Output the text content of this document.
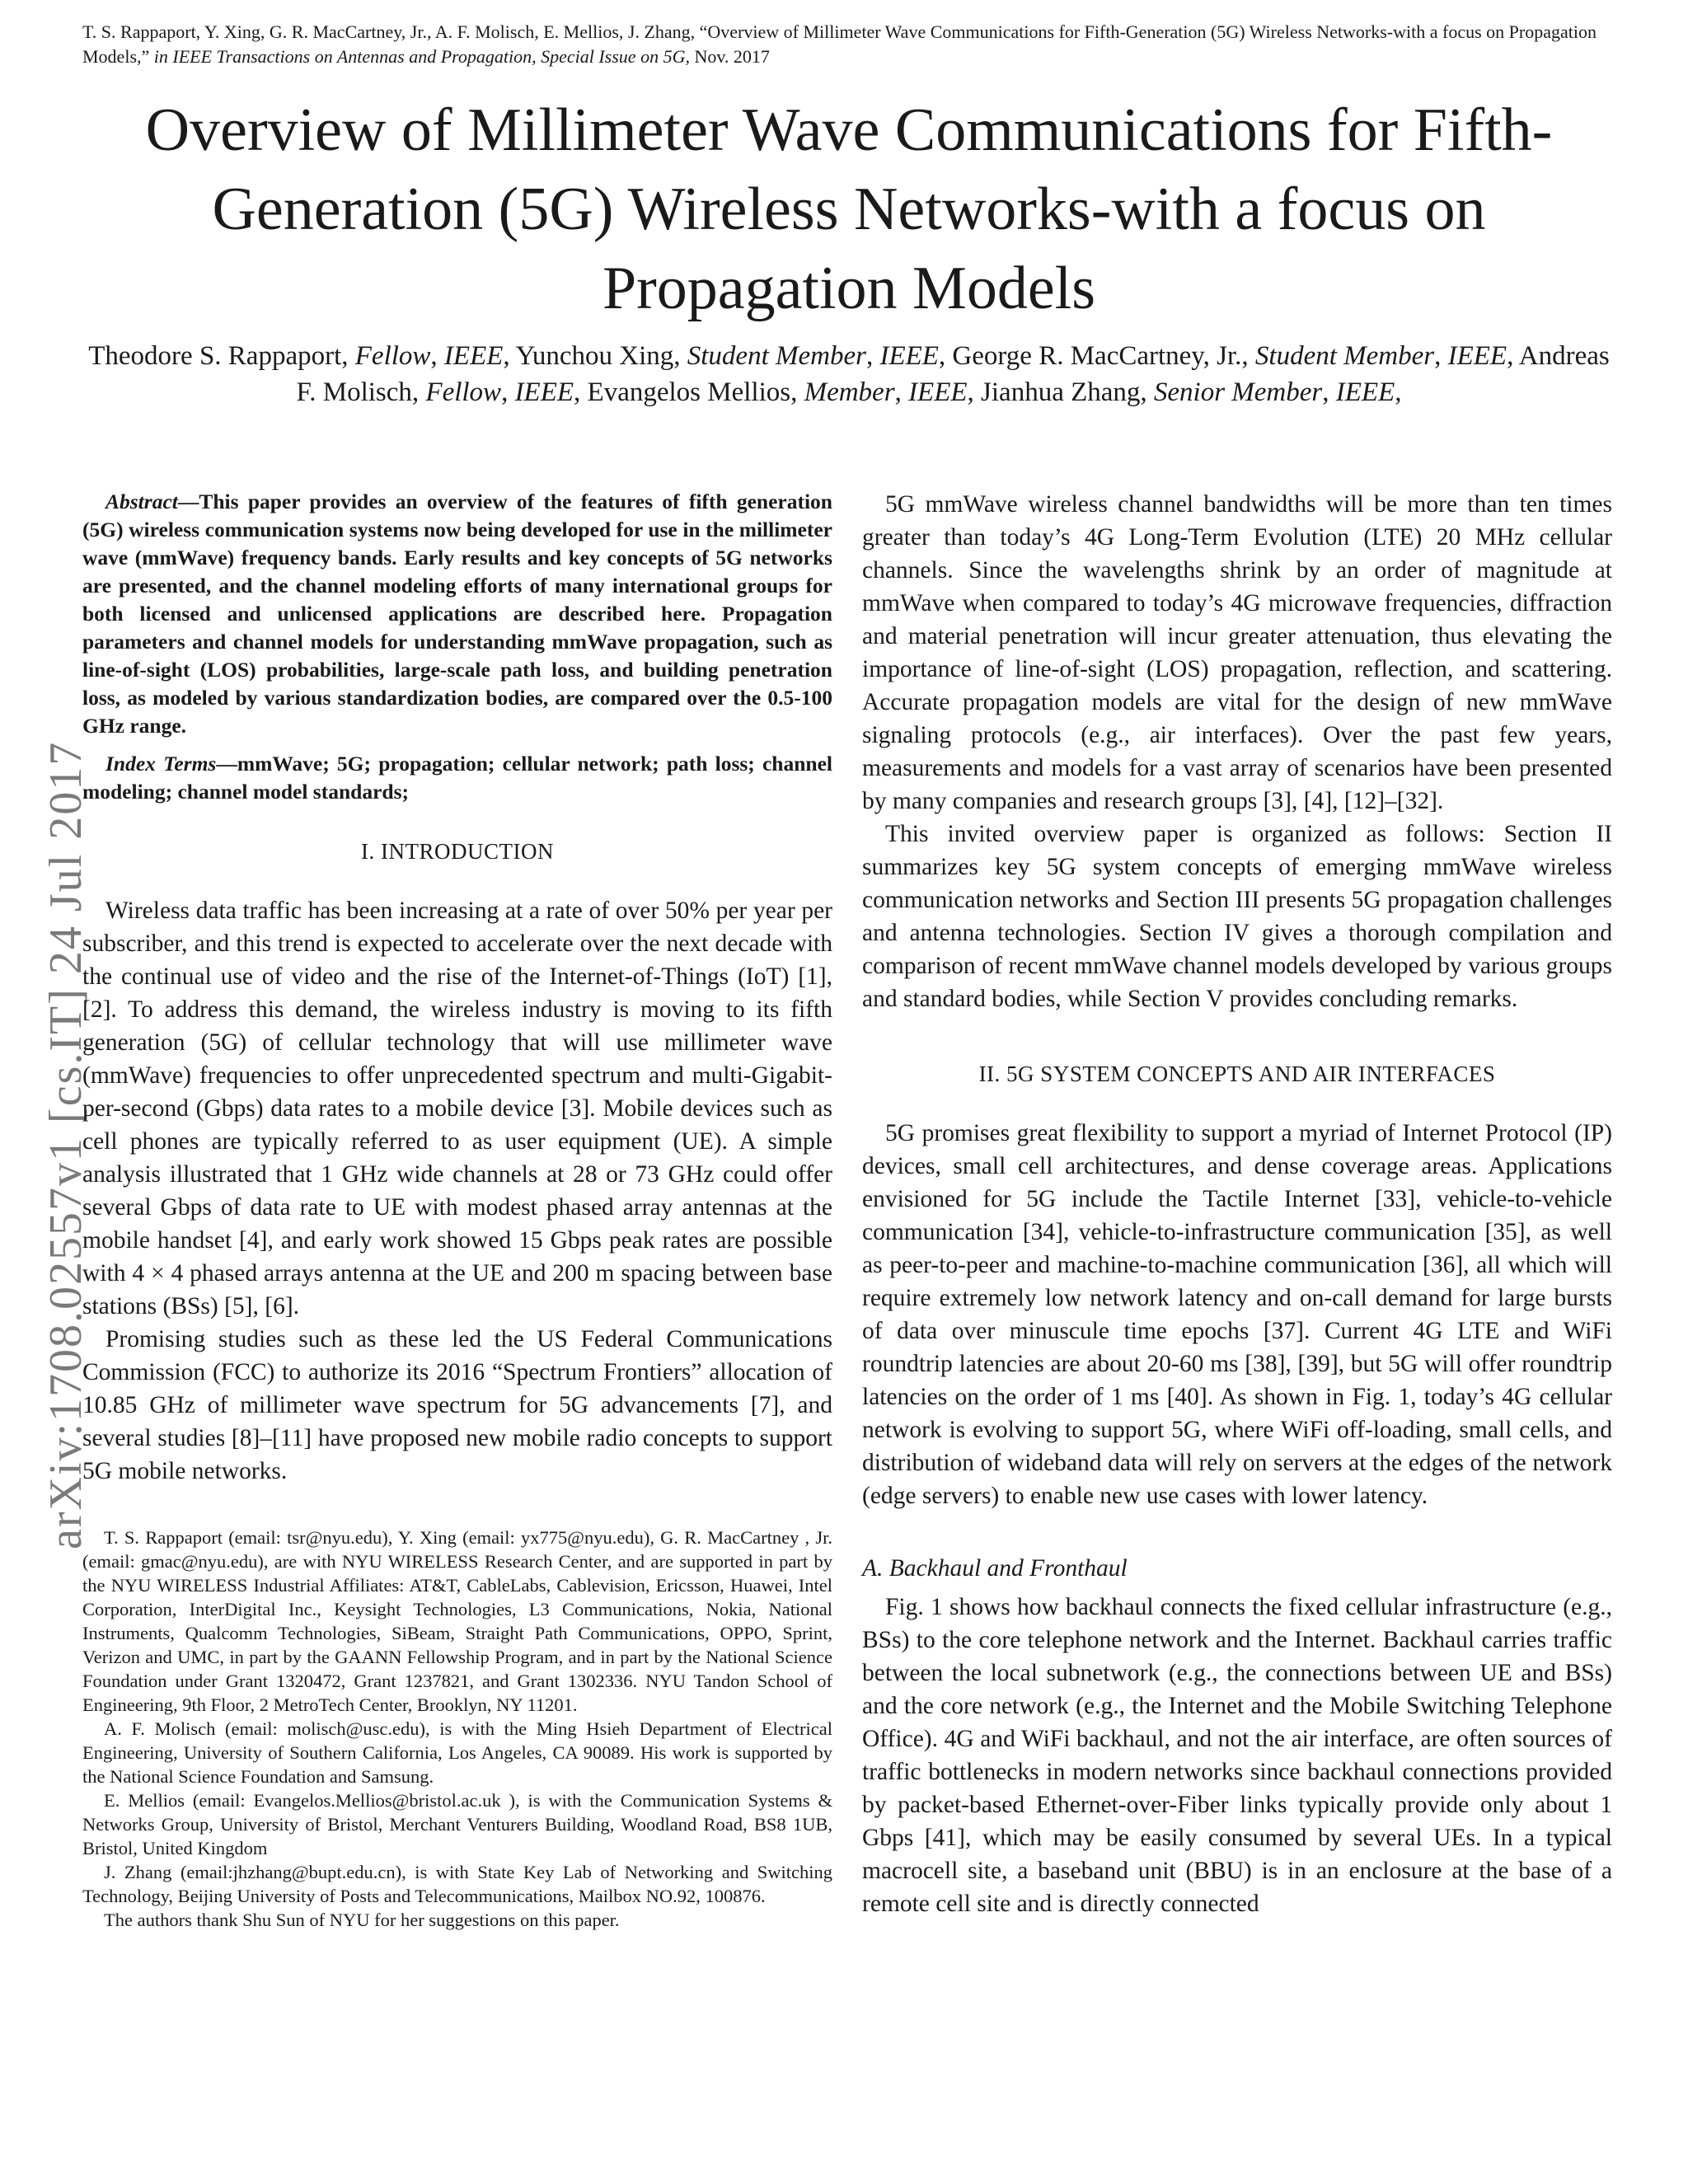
T. S. Rappaport, Y. Xing, G. R. MacCartney, Jr., A. F. Molisch, E. Mellios, J. Zhang, “Overview of Millimeter Wave Communications for Fifth-Generation (5G) Wireless Networks-with a focus on Propagation Models,” in IEEE Transactions on Antennas and Propagation, Special Issue on 5G, Nov. 2017
Overview of Millimeter Wave Communications for Fifth-Generation (5G) Wireless Networks-with a focus on Propagation Models

Theodore S. Rappaport, Fellow, IEEE, Yunchou Xing, Student Member, IEEE, George R. MacCartney, Jr., Student Member, IEEE, Andreas F. Molisch, Fellow, IEEE, Evangelos Mellios, Member, IEEE, Jianhua Zhang, Senior Member, IEEE,

arXiv:1708.02557v1 [cs.IT] 24 Jul 2017

Abstract—This paper provides an overview of the features of fifth generation (5G) wireless communication systems now being developed for use in the millimeter wave (mmWave) frequency bands. Early results and key concepts of 5G networks are presented, and the channel modeling efforts of many international groups for both licensed and unlicensed applications are described here. Propagation parameters and channel models for understanding mmWave propagation, such as line-of-sight (LOS) probabilities, large-scale path loss, and building penetration loss, as modeled by various standardization bodies, are compared over the 0.5-100 GHz range.

Index Terms—mmWave; 5G; propagation; cellular network; path loss; channel modeling; channel model standards;

I. INTRODUCTION

Wireless data traffic has been increasing at a rate of over 50% per year per subscriber, and this trend is expected to accelerate over the next decade with the continual use of video and the rise of the Internet-of-Things (IoT) [1], [2]. To address this demand, the wireless industry is moving to its fifth generation (5G) of cellular technology that will use millimeter wave (mmWave) frequencies to offer unprecedented spectrum and multi-Gigabit-per-second (Gbps) data rates to a mobile device [3]. Mobile devices such as cell phones are typically referred to as user equipment (UE). A simple analysis illustrated that 1 GHz wide channels at 28 or 73 GHz could offer several Gbps of data rate to UE with modest phased array antennas at the mobile handset [4], and early work showed 15 Gbps peak rates are possible with 4 × 4 phased arrays antenna at the UE and 200 m spacing between base stations (BSs) [5], [6].

Promising studies such as these led the US Federal Communications Commission (FCC) to authorize its 2016 “Spectrum Frontiers” allocation of 10.85 GHz of millimeter wave spectrum for 5G advancements [7], and several studies [8]–[11] have proposed new mobile radio concepts to support 5G mobile networks.

T. S. Rappaport (email: tsr@nyu.edu), Y. Xing (email: yx775@nyu.edu), G. R. MacCartney , Jr. (email: gmac@nyu.edu), are with NYU WIRELESS Research Center, and are supported in part by the NYU WIRELESS Industrial Affiliates: AT&T, CableLabs, Cablevision, Ericsson, Huawei, Intel Corporation, InterDigital Inc., Keysight Technologies, L3 Communications, Nokia, National Instruments, Qualcomm Technologies, SiBeam, Straight Path Communications, OPPO, Sprint, Verizon and UMC, in part by the GAANN Fellowship Program, and in part by the National Science Foundation under Grant 1320472, Grant 1237821, and Grant 1302336. NYU Tandon School of Engineering, 9th Floor, 2 MetroTech Center, Brooklyn, NY 11201.

A. F. Molisch (email: molisch@usc.edu), is with the Ming Hsieh Department of Electrical Engineering, University of Southern California, Los Angeles, CA 90089. His work is supported by the National Science Foundation and Samsung.

E. Mellios (email: Evangelos.Mellios@bristol.ac.uk ), is with the Communication Systems & Networks Group, University of Bristol, Merchant Venturers Building, Woodland Road, BS8 1UB, Bristol, United Kingdom

J. Zhang (email:jhzhang@bupt.edu.cn), is with State Key Lab of Networking and Switching Technology, Beijing University of Posts and Telecommunications, Mailbox NO.92, 100876.

The authors thank Shu Sun of NYU for her suggestions on this paper.

5G mmWave wireless channel bandwidths will be more than ten times greater than today’s 4G Long-Term Evolution (LTE) 20 MHz cellular channels. Since the wavelengths shrink by an order of magnitude at mmWave when compared to today’s 4G microwave frequencies, diffraction and material penetration will incur greater attenuation, thus elevating the importance of line-of-sight (LOS) propagation, reflection, and scattering. Accurate propagation models are vital for the design of new mmWave signaling protocols (e.g., air interfaces). Over the past few years, measurements and models for a vast array of scenarios have been presented by many companies and research groups [3], [4], [12]–[32].

This invited overview paper is organized as follows: Section II summarizes key 5G system concepts of emerging mmWave wireless communication networks and Section III presents 5G propagation challenges and antenna technologies. Section IV gives a thorough compilation and comparison of recent mmWave channel models developed by various groups and standard bodies, while Section V provides concluding remarks.

II. 5G SYSTEM CONCEPTS AND AIR INTERFACES

5G promises great flexibility to support a myriad of Internet Protocol (IP) devices, small cell architectures, and dense coverage areas. Applications envisioned for 5G include the Tactile Internet [33], vehicle-to-vehicle communication [34], vehicle-to-infrastructure communication [35], as well as peer-to-peer and machine-to-machine communication [36], all which will require extremely low network latency and on-call demand for large bursts of data over minuscule time epochs [37]. Current 4G LTE and WiFi roundtrip latencies are about 20-60 ms [38], [39], but 5G will offer roundtrip latencies on the order of 1 ms [40]. As shown in Fig. 1, today’s 4G cellular network is evolving to support 5G, where WiFi off-loading, small cells, and distribution of wideband data will rely on servers at the edges of the network (edge servers) to enable new use cases with lower latency.

A. Backhaul and Fronthaul

Fig. 1 shows how backhaul connects the fixed cellular infrastructure (e.g., BSs) to the core telephone network and the Internet. Backhaul carries traffic between the local subnetwork (e.g., the connections between UE and BSs) and the core network (e.g., the Internet and the Mobile Switching Telephone Office). 4G and WiFi backhaul, and not the air interface, are often sources of traffic bottlenecks in modern networks since backhaul connections provided by packet-based Ethernet-over-Fiber links typically provide only about 1 Gbps [41], which may be easily consumed by several UEs. In a typical macrocell site, a baseband unit (BBU) is in an enclosure at the base of a remote cell site and is directly connected
